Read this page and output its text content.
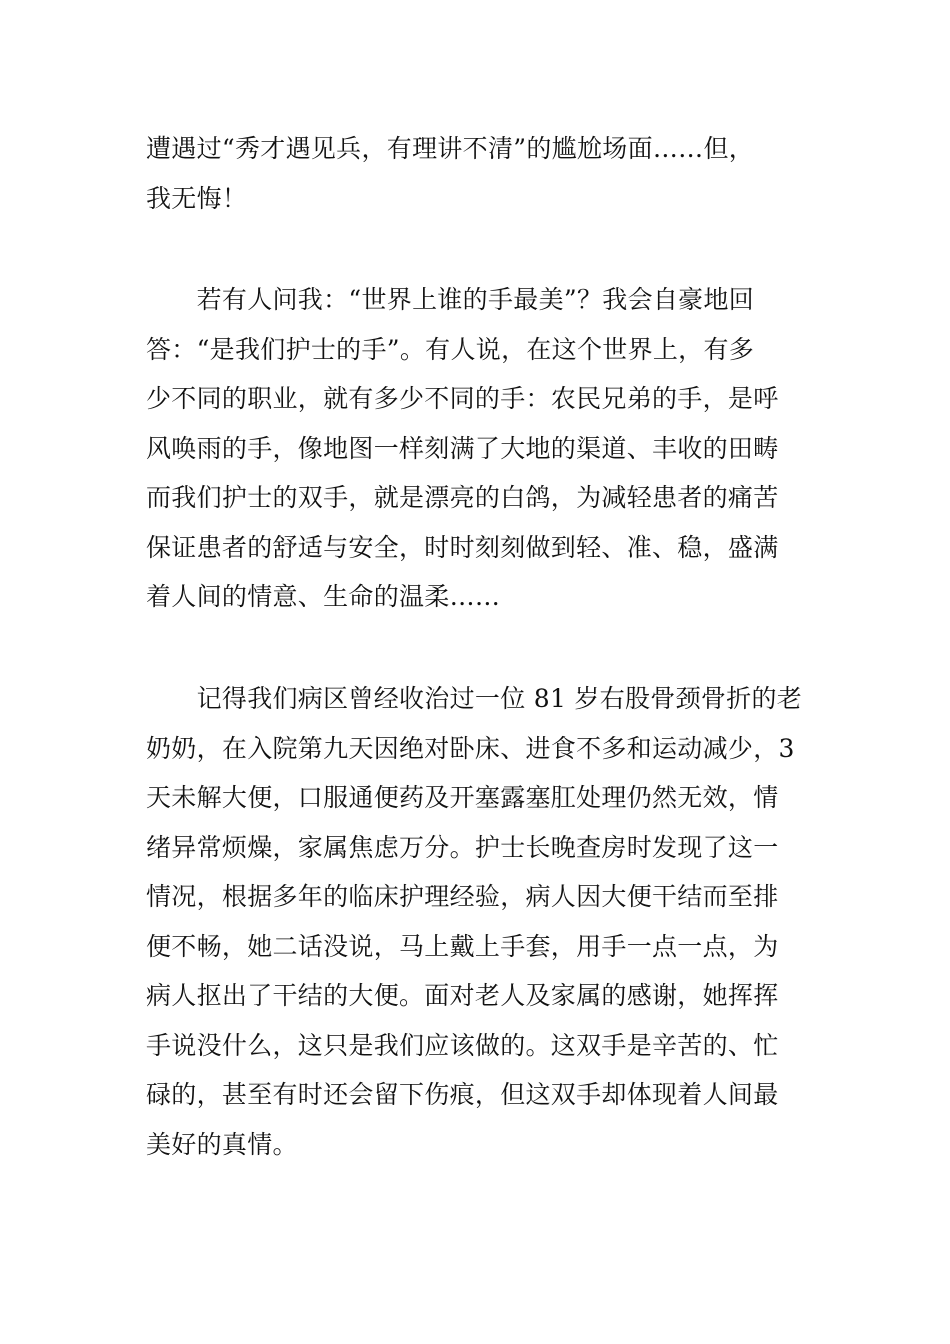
遭遇过“秀才遇见兵，有理讲不清”的尴尬场面……但，
我无悔！
　　若有人问我：“世界上谁的手最美”？我会自豪地回
答：“是我们护士的手”。有人说，在这个世界上，有多
少不同的职业，就有多少不同的手：农民兄弟的手，是呼
风唤雨的手，像地图一样刻满了大地的渠道、丰收的田畴
而我们护士的双手，就是漂亮的白鸽，为减轻患者的痛苦
保证患者的舒适与安全，时时刻刻做到轻、准、稳，盛满
着人间的情意、生命的温柔……
　　记得我们病区曾经收治过一位 81 岁右股骨颈骨折的老
奶奶，在入院第九天因绝对卧床、进食不多和运动减少，3
天未解大便，口服通便药及开塞露塞肛处理仍然无效，情
绪异常烦燥，家属焦虑万分。护士长晚查房时发现了这一
情况，根据多年的临床护理经验，病人因大便干结而至排
便不畅，她二话没说，马上戴上手套，用手一点一点，为
病人抠出了干结的大便。面对老人及家属的感谢，她挥挥
手说没什么，这只是我们应该做的。这双手是辛苦的、忙
碌的，甚至有时还会留下伤痕，但这双手却体现着人间最
美好的真情。
